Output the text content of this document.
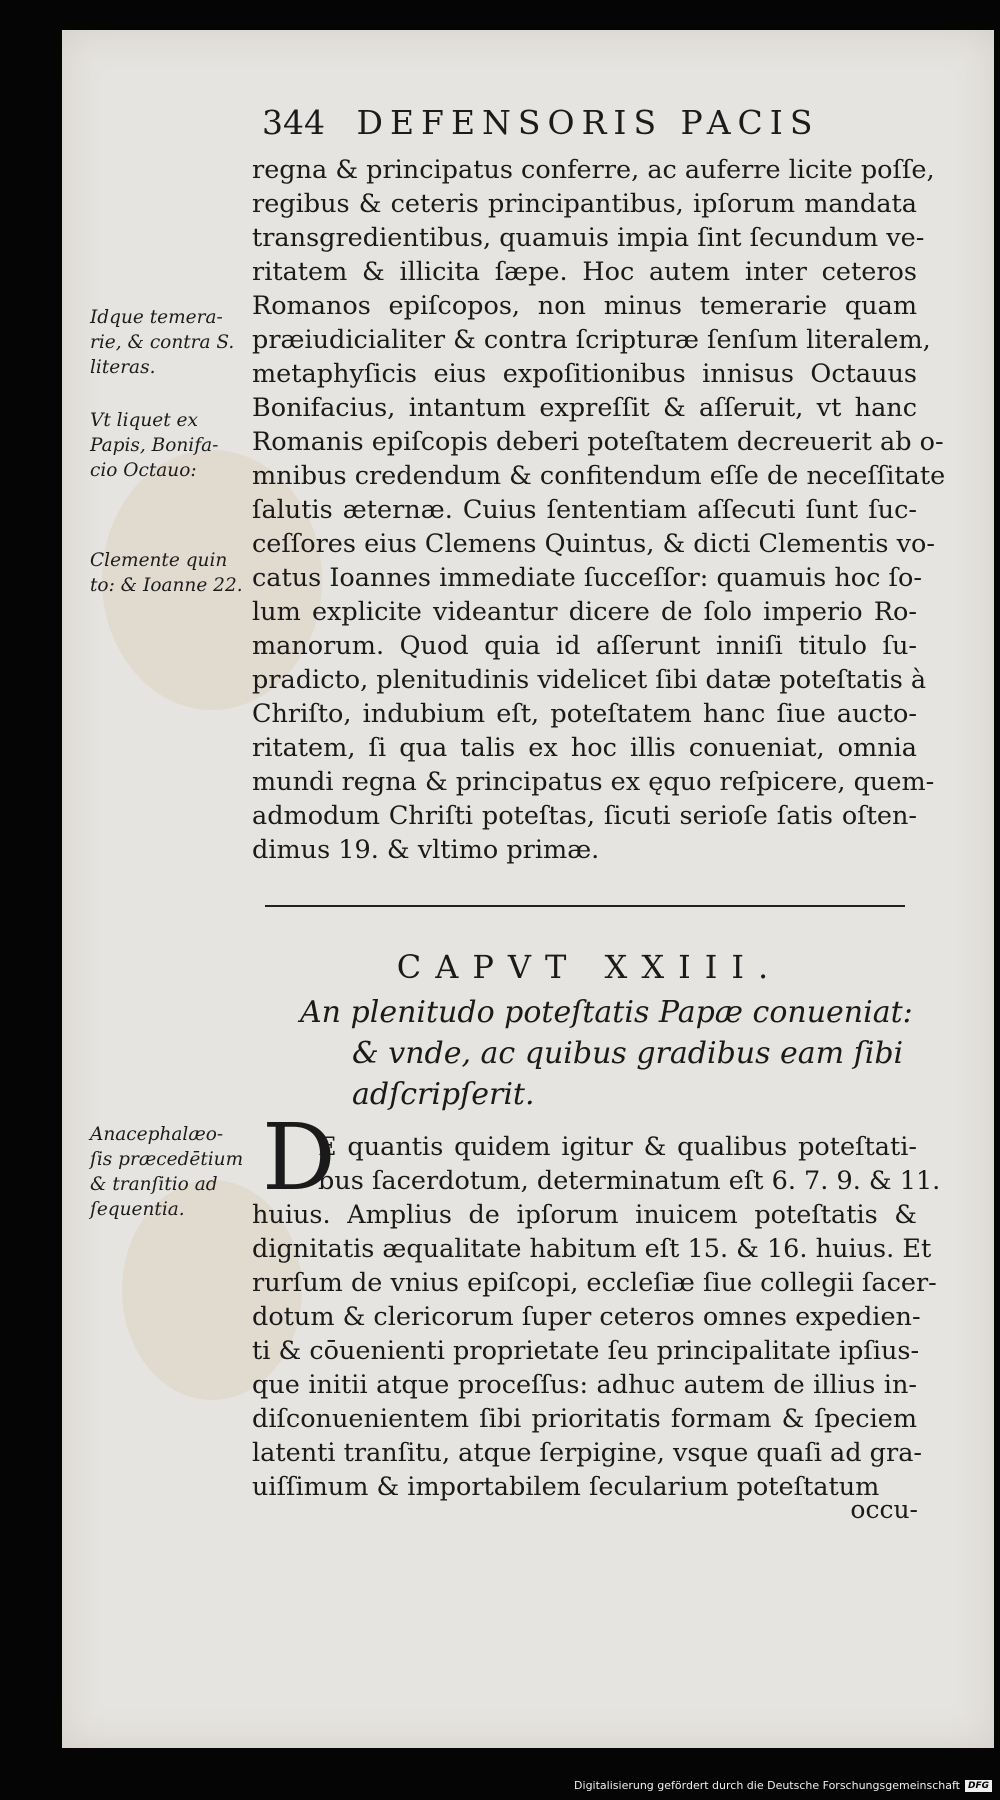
344 DEFENSORIS PACIS
regna & principatus conferre, ac auferre licite poſſe,
regibus & ceteris principantibus, ipſorum mandata
transgredientibus, quamuis impia ſint ſecundum ve-
ritatem & illicita ſæpe. Hoc autem inter ceteros
Romanos epiſcopos, non minus temerarie quam
præiudicialiter & contra ſcripturæ ſenſum literalem,
metaphyſicis eius expoſitionibus innisus Octauus
Bonifacius, intantum expreſſit & aſſeruit, vt hanc
Romanis epiſcopis deberi poteſtatem decreuerit ab o-
mnibus credendum & confitendum eſſe de neceſſitate
ſalutis æternæ. Cuius ſententiam aſſecuti ſunt ſuc-
ceſſores eius Clemens Quintus, & dicti Clementis vo-
catus Ioannes immediate ſucceſſor: quamuis hoc ſo-
lum explicite videantur dicere de ſolo imperio Ro-
manorum. Quod quia id aſſerunt inniſi titulo ſu-
pradicto, plenitudinis videlicet ſibi datæ poteſtatis à
Chriſto, indubium eſt, poteſtatem hanc ſiue aucto-
ritatem, ſi qua talis ex hoc illis conueniat, omnia
mundi regna & principatus ex ęquo reſpicere, quem-
admodum Chriſti poteſtas, ſicuti serioſe ſatis oſten-
dimus 19. & vltimo primæ.
Idque temera-
rie, & contra S.
literas.
Vt liquet ex
Papis, Bonifa-
cio Octauo:
Clemente quin
to: & Ioanne 22.
Anacephalæo-
ſis præcedētium
& tranſitio ad
ſequentia.
CAPVT XXIII.
An plenitudo poteſtatis Papæ conueniat:
& vnde, ac quibus gradibus eam ſibi
adſcripſerit.
D
E quantis quidem igitur & qualibus poteſtati-
bus ſacerdotum, determinatum eſt 6. 7. 9. & 11.
huius. Amplius de ipſorum inuicem poteſtatis &
dignitatis æqualitate habitum eſt 15. & 16. huius. Et
rurſum de vnius epiſcopi, eccleſiæ ſiue collegii ſacer-
dotum & clericorum ſuper ceteros omnes expedien-
ti & cōuenienti proprietate ſeu principalitate ipſius-
que initii atque proceſſus: adhuc autem de illius in-
diſconuenientem ſibi prioritatis formam & ſpeciem
latenti tranſitu, atque ſerpigine, vsque quaſi ad gra-
uiſſimum & importabilem ſecularium poteſtatum
occu-
Digitalisierung gefördert durch die Deutsche Forschungsgemeinschaft DFG
